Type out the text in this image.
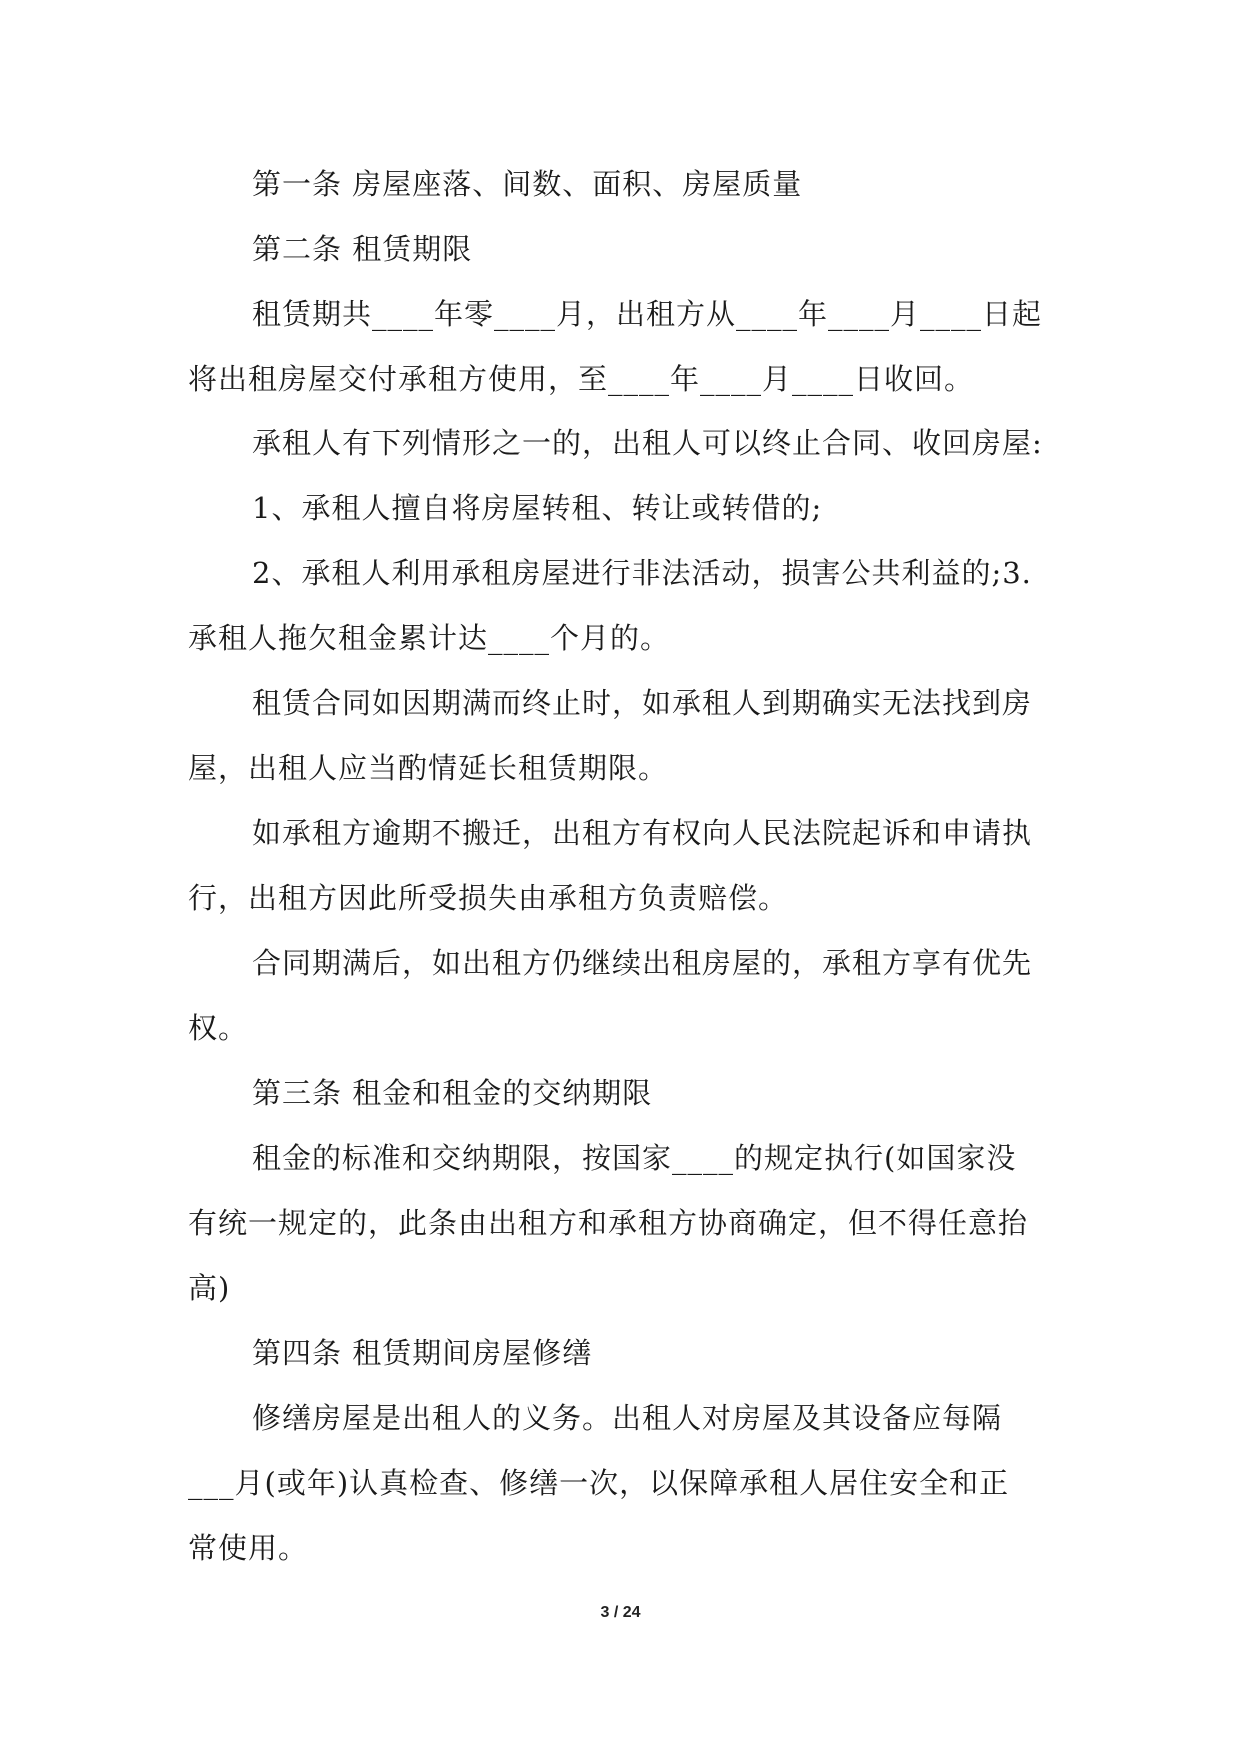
第一条 房屋座落、间数、面积、房屋质量
第二条 租赁期限
租赁期共____年零____月，出租方从____年____月____日起
将出租房屋交付承租方使用，至____年____月____日收回。
承租人有下列情形之一的，出租人可以终止合同、收回房屋:
1、承租人擅自将房屋转租、转让或转借的;
2、承租人利用承租房屋进行非法活动，损害公共利益的;3.
承租人拖欠租金累计达____个月的。
租赁合同如因期满而终止时，如承租人到期确实无法找到房
屋，出租人应当酌情延长租赁期限。
如承租方逾期不搬迁，出租方有权向人民法院起诉和申请执
行，出租方因此所受损失由承租方负责赔偿。
合同期满后，如出租方仍继续出租房屋的，承租方享有优先
权。
第三条 租金和租金的交纳期限
租金的标准和交纳期限，按国家____的规定执行(如国家没
有统一规定的，此条由出租方和承租方协商确定，但不得任意抬
高)
第四条 租赁期间房屋修缮
修缮房屋是出租人的义务。出租人对房屋及其设备应每隔
___月(或年)认真检查、修缮一次，以保障承租人居住安全和正
常使用。
3 / 24
